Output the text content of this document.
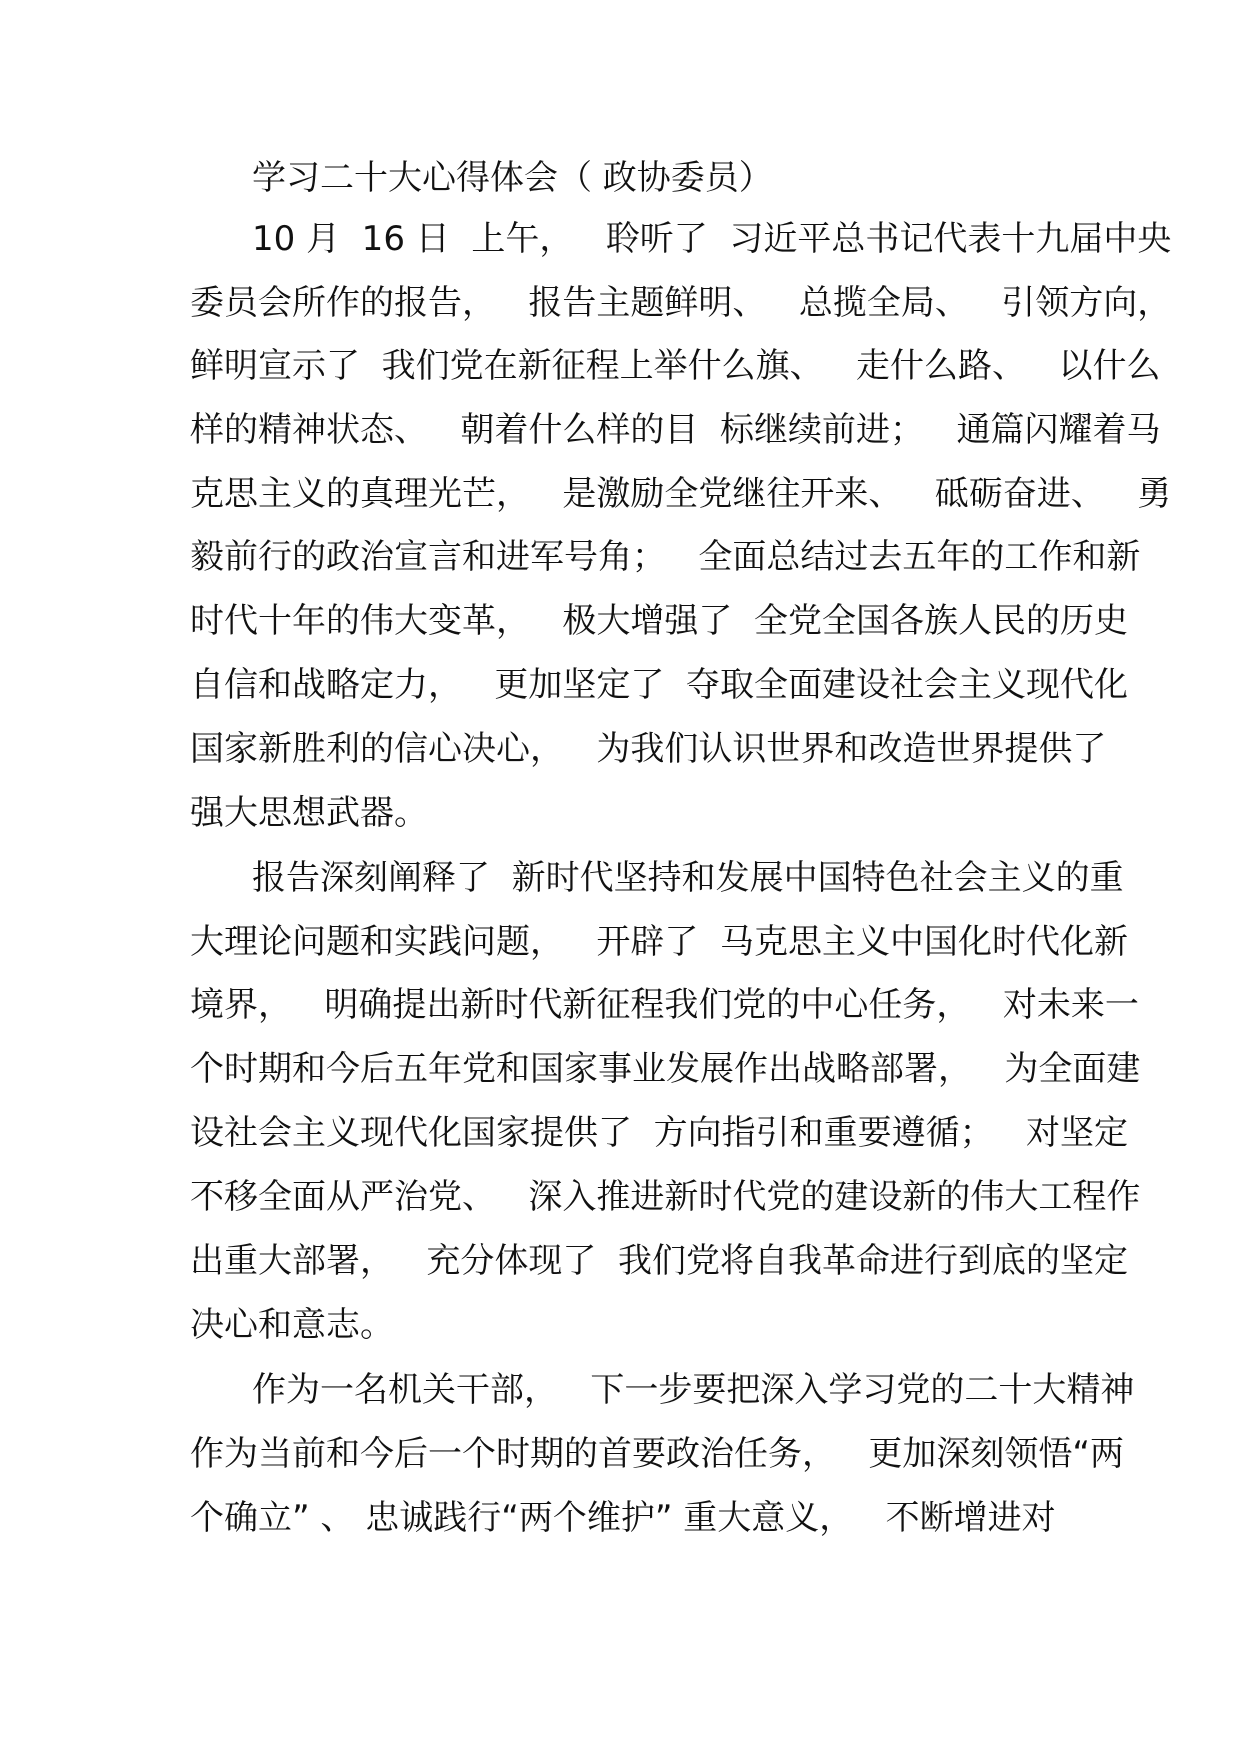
学习二十大心得体会（ 政协委员）
10 月  16 日  上午，   聆听了  习近平总书记代表十九届中央
委员会所作的报告，   报告主题鲜明、   总揽全局、   引领方向，
鲜明宣示了  我们党在新征程上举什么旗、   走什么路、   以什么
样的精神状态、   朝着什么样的目  标继续前进；   通篇闪耀着马
克思主义的真理光芒，   是激励全党继往开来、   砥砺奋进、   勇
毅前行的政治宣言和进军号角；   全面总结过去五年的工作和新
时代十年的伟大变革，   极大增强了  全党全国各族人民的历史
自信和战略定力，   更加坚定了  夺取全面建设社会主义现代化
国家新胜利的信心决心，   为我们认识世界和改造世界提供了
强大思想武器。
报告深刻阐释了  新时代坚持和发展中国特色社会主义的重
大理论问题和实践问题，   开辟了  马克思主义中国化时代化新
境界，   明确提出新时代新征程我们党的中心任务，   对未来一
个时期和今后五年党和国家事业发展作出战略部署，   为全面建
设社会主义现代化国家提供了  方向指引和重要遵循；   对坚定
不移全面从严治党、   深入推进新时代党的建设新的伟大工程作
出重大部署，   充分体现了  我们党将自我革命进行到底的坚定
决心和意志。
作为一名机关干部，   下一步要把深入学习党的二十大精神
作为当前和今后一个时期的首要政治任务，   更加深刻领悟“两
个确立” 、 忠诚践行“两个维护” 重大意义，   不断增进对
